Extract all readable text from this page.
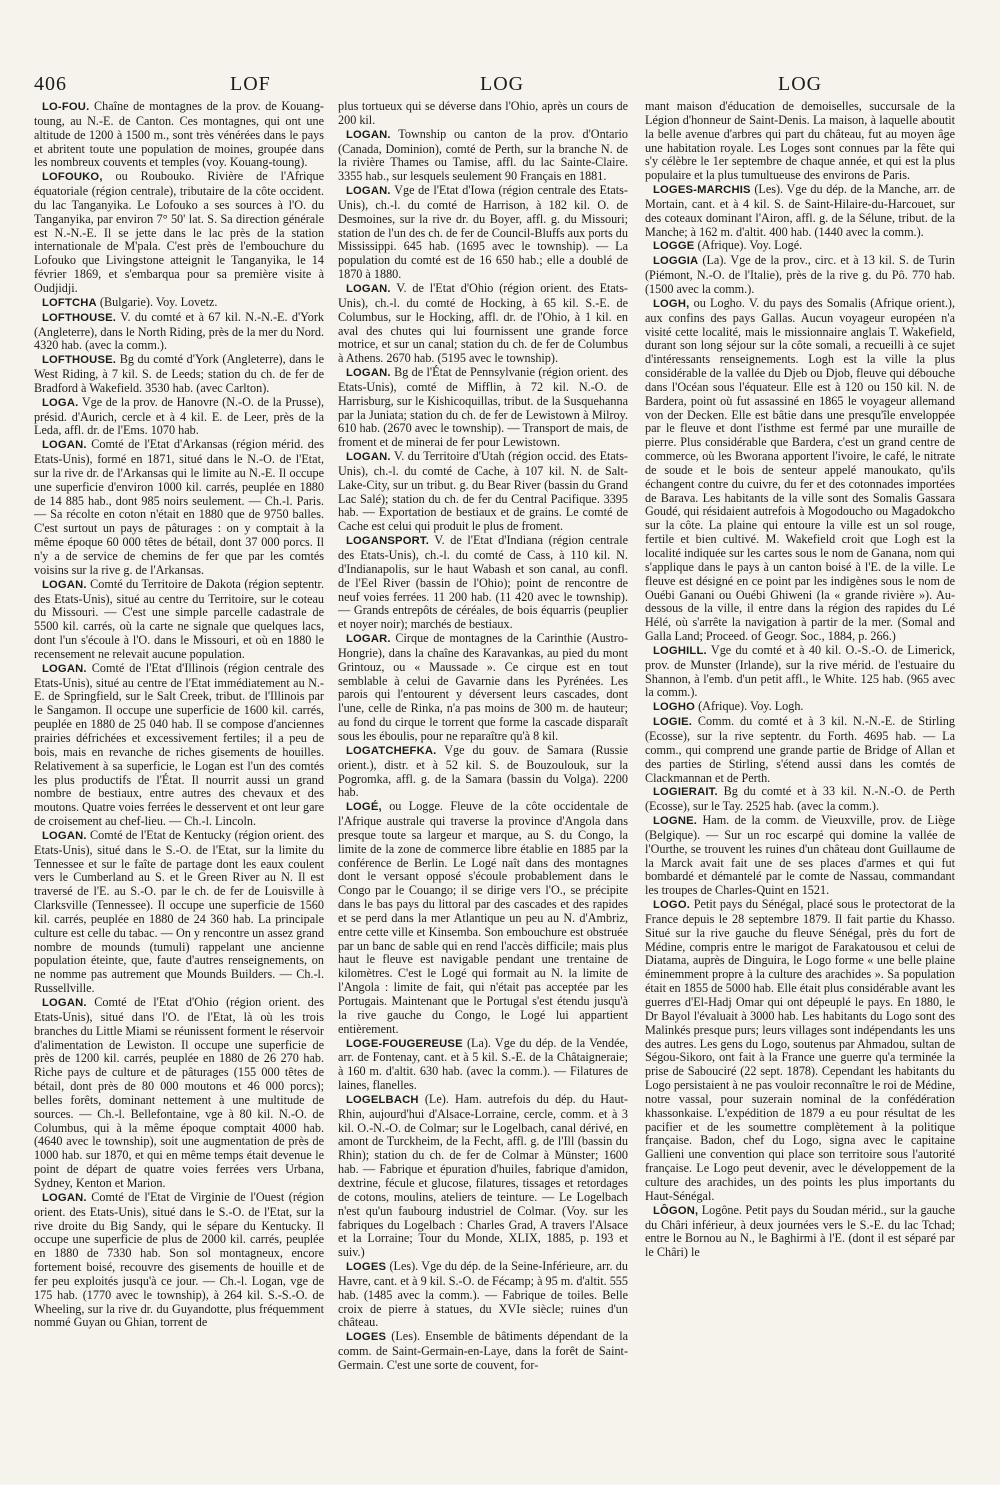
406	LOF	LOG	LOG

LO-FOU. Chaîne de montagnes de la prov. de Kouang-toung, au N.-E. de Canton. Ces montagnes, qui ont une altitude de 1200 à 1500 m., sont très vénérées dans le pays et abritent toute une population de moines, groupée dans les nombreux couvents et temples (voy. Kouang-toung).

LOFOUKO, ou Roubouko. Rivière de l'Afrique équatoriale (région centrale), tributaire de la côte occident. du lac Tanganyika. Le Lofouko a ses sources à l'O. du Tanganyika, par environ 7° 50' lat. S. Sa direction générale est N.-N.-E. Il se jette dans le lac près de la station internationale de M'pala. C'est près de l'embouchure du Lofouko que Livingstone atteignit le Tanganyika, le 14 février 1869, et s'embarqua pour sa première visite à Oudjidji.

LOFTCHA (Bulgarie). Voy. Lovetz.

LOFTHOUSE. V. du comté et à 67 kil. N.-N.-E. d'York (Angleterre), dans le North Riding, près de la mer du Nord. 4320 hab. (avec la comm.).

LOFTHOUSE. Bg du comté d'York (Angleterre), dans le West Riding, à 7 kil. S. de Leeds; station du ch. de fer de Bradford à Wakefield. 3530 hab. (avec Carlton).

LOGA. Vge de la prov. de Hanovre (N.-O. de la Prusse), présid. d'Aurich, cercle et à 4 kil. E. de Leer, près de la Leda, affl. dr. de l'Ems. 1070 hab.

LOGAN. Comté de l'Etat d'Arkansas (région mérid. des Etats-Unis), formé en 1871, situé dans le N.-O. de l'Etat, sur la rive dr. de l'Arkansas qui le limite au N.-E. Il occupe une superficie d'environ 1000 kil. carrés, peuplée en 1880 de 14 885 hab., dont 985 noirs seulement. — Ch.-l. Paris. — Sa récolte en coton n'était en 1880 que de 9750 balles. C'est surtout un pays de pâturages : on y comptait à la même époque 60 000 têtes de bétail, dont 37 000 porcs. Il n'y a de service de chemins de fer que par les comtés voisins sur la rive g. de l'Arkansas.

LOGAN. Comté du Territoire de Dakota (région septentr. des Etats-Unis), situé au centre du Territoire, sur le coteau du Missouri. — C'est une simple parcelle cadastrale de 5500 kil. carrés, où la carte ne signale que quelques lacs, dont l'un s'écoule à l'O. dans le Missouri, et où en 1880 le recensement ne relevait aucune population.

LOGAN. Comté de l'Etat d'Illinois (région centrale des Etats-Unis), situé au centre de l'Etat immédiatement au N.-E. de Springfield, sur le Salt Creek, tribut. de l'Illinois par le Sangamon. Il occupe une superficie de 1600 kil. carrés, peuplée en 1880 de 25 040 hab. Il se compose d'anciennes prairies défrichées et excessivement fertiles; il a peu de bois, mais en revanche de riches gisements de houilles. Relativement à sa superficie, le Logan est l'un des comtés les plus productifs de l'État. Il nourrit aussi un grand nombre de bestiaux, entre autres des chevaux et des moutons. Quatre voies ferrées le desservent et ont leur gare de croisement au chef-lieu. — Ch.-l. Lincoln.

LOGAN. Comté de l'Etat de Kentucky (région orient. des Etats-Unis), situé dans le S.-O. de l'Etat, sur la limite du Tennessee et sur le faîte de partage dont les eaux coulent vers le Cumberland au S. et le Green River au N. Il est traversé de l'E. au S.-O. par le ch. de fer de Louisville à Clarksville (Tennessee). Il occupe une superficie de 1560 kil. carrés, peuplée en 1880 de 24 360 hab. La principale culture est celle du tabac. — On y rencontre un assez grand nombre de mounds (tumuli) rappelant une ancienne population éteinte, que, faute d'autres renseignements, on ne nomme pas autrement que Mounds Builders. — Ch.-l. Russellville.

LOGAN. Comté de l'Etat d'Ohio (région orient. des Etats-Unis), situé dans l'O. de l'Etat, là où les trois branches du Little Miami se réunissent forment le réservoir d'alimentation de Lewiston. Il occupe une superficie de près de 1200 kil. carrés, peuplée en 1880 de 26 270 hab. Riche pays de culture et de pâturages (155 000 têtes de bétail, dont près de 80 000 moutons et 46 000 porcs); belles forêts, dominant nettement à une multitude de sources. — Ch.-l. Bellefontaine, vge à 80 kil. N.-O. de Columbus, qui à la même époque comptait 4000 hab. (4640 avec le township), soit une augmentation de près de 1000 hab. sur 1870, et qui en même temps était devenue le point de départ de quatre voies ferrées vers Urbana, Sydney, Kenton et Marion.

LOGAN. Comté de l'Etat de Virginie de l'Ouest (région orient. des Etats-Unis), situé dans le S.-O. de l'Etat, sur la rive droite du Big Sandy, qui le sépare du Kentucky. Il occupe une superficie de plus de 2000 kil. carrés, peuplée en 1880 de 7330 hab. Son sol montagneux, encore fortement boisé, recouvre des gisements de houille et de fer peu exploités jusqu'à ce jour. — Ch.-l. Logan, vge de 175 hab. (1770 avec le township), à 264 kil. S.-S.-O. de Wheeling, sur la rive dr. du Guyandotte, plus fréquemment nommé Guyan ou Ghian, torrent de

plus tortueux qui se déverse dans l'Ohio, après un cours de 200 kil.

LOGAN. Township ou canton de la prov. d'Ontario (Canada, Dominion), comté de Perth, sur la branche N. de la rivière Thames ou Tamise, affl. du lac Sainte-Claire. 3355 hab., sur lesquels seulement 90 Français en 1881.

LOGAN. Vge de l'Etat d'Iowa (région centrale des Etats-Unis), ch.-l. du comté de Harrison, à 182 kil. O. de Desmoines, sur la rive dr. du Boyer, affl. g. du Missouri; station de l'un des ch. de fer de Council-Bluffs aux ports du Mississippi. 645 hab. (1695 avec le township). — La population du comté est de 16 650 hab.; elle a doublé de 1870 à 1880.

LOGAN. V. de l'Etat d'Ohio (région orient. des Etats-Unis), ch.-l. du comté de Hocking, à 65 kil. S.-E. de Columbus, sur le Hocking, affl. dr. de l'Ohio, à 1 kil. en aval des chutes qui lui fournissent une grande force motrice, et sur un canal; station du ch. de fer de Columbus à Athens. 2670 hab. (5195 avec le township).

LOGAN. Bg de l'État de Pennsylvanie (région orient. des Etats-Unis), comté de Mifflin, à 72 kil. N.-O. de Harrisburg, sur le Kishicoquillas, tribut. de la Susquehanna par la Juniata; station du ch. de fer de Lewistown à Milroy. 610 hab. (2670 avec le township). — Transport de mais, de froment et de minerai de fer pour Lewistown.

LOGAN. V. du Territoire d'Utah (région occid. des Etats-Unis), ch.-l. du comté de Cache, à 107 kil. N. de Salt-Lake-City, sur un tribut. g. du Bear River (bassin du Grand Lac Salé); station du ch. de fer du Central Pacifique. 3395 hab. — Exportation de bestiaux et de grains. Le comté de Cache est celui qui produit le plus de froment.

LOGANSPORT. V. de l'Etat d'Indiana (région centrale des Etats-Unis), ch.-l. du comté de Cass, à 110 kil. N. d'Indianapolis, sur le haut Wabash et son canal, au confl. de l'Eel River (bassin de l'Ohio); point de rencontre de neuf voies ferrées. 11 200 hab. (11 420 avec le township). — Grands entrepôts de céréales, de bois équarris (peuplier et noyer noir); marchés de bestiaux.

LOGAR. Cirque de montagnes de la Carinthie (Austro-Hongrie), dans la chaîne des Karavankas, au pied du mont Grintouz, ou « Maussade ». Ce cirque est en tout semblable à celui de Gavarnie dans les Pyrénées. Les parois qui l'entourent y déversent leurs cascades, dont l'une, celle de Rinka, n'a pas moins de 300 m. de hauteur; au fond du cirque le torrent que forme la cascade disparaît sous les éboulis, pour ne reparaître qu'à 8 kil.

LOGATCHEFKA. Vge du gouv. de Samara (Russie orient.), distr. et à 52 kil. S. de Bouzoulouk, sur la Pogromka, affl. g. de la Samara (bassin du Volga). 2200 hab.

LOGÉ, ou Logge. Fleuve de la côte occidentale de l'Afrique australe qui traverse la province d'Angola dans presque toute sa largeur et marque, au S. du Congo, la limite de la zone de commerce libre établie en 1885 par la conférence de Berlin. Le Logé naît dans des montagnes dont le versant opposé s'écoule probablement dans le Congo par le Couango; il se dirige vers l'O., se précipite dans le bas pays du littoral par des cascades et des rapides et se perd dans la mer Atlantique un peu au N. d'Ambriz, entre cette ville et Kinsemba. Son embouchure est obstruée par un banc de sable qui en rend l'accès difficile; mais plus haut le fleuve est navigable pendant une trentaine de kilomètres. C'est le Logé qui formait au N. la limite de l'Angola : limite de fait, qui n'était pas acceptée par les Portugais. Maintenant que le Portugal s'est étendu jusqu'à la rive gauche du Congo, le Logé lui appartient entièrement.

LOGE-FOUGEREUSE (La). Vge du dép. de la Vendée, arr. de Fontenay, cant. et à 5 kil. S.-E. de la Châtaigneraie; à 160 m. d'altit. 630 hab. (avec la comm.). — Filatures de laines, flanelles.

LOGELBACH (Le). Ham. autrefois du dép. du Haut-Rhin, aujourd'hui d'Alsace-Lorraine, cercle, comm. et à 3 kil. O.-N.-O. de Colmar; sur le Logelbach, canal dérivé, en amont de Turckheim, de la Fecht, affl. g. de l'Ill (bassin du Rhin); station du ch. de fer de Colmar à Münster; 1600 hab. — Fabrique et épuration d'huiles, fabrique d'amidon, dextrine, fécule et glucose, filatures, tissages et retordages de cotons, moulins, ateliers de teinture. — Le Logelbach n'est qu'un faubourg industriel de Colmar. (Voy. sur les fabriques du Logelbach : Charles Grad, A travers l'Alsace et la Lorraine; Tour du Monde, XLIX, 1885, p. 193 et suiv.)

LOGES (Les). Vge du dép. de la Seine-Inférieure, arr. du Havre, cant. et à 9 kil. S.-O. de Fécamp; à 95 m. d'altit. 555 hab. (1485 avec la comm.). — Fabrique de toiles. Belle croix de pierre à statues, du XVIe siècle; ruines d'un château.

LOGES (Les). Ensemble de bâtiments dépendant de la comm. de Saint-Germain-en-Laye, dans la forêt de Saint-Germain. C'est une sorte de couvent, for-

mant maison d'éducation de demoiselles, succursale de la Légion d'honneur de Saint-Denis. La maison, à laquelle aboutit la belle avenue d'arbres qui part du château, fut au moyen âge une habitation royale. Les Loges sont connues par la fête qui s'y célèbre le 1er septembre de chaque année, et qui est la plus populaire et la plus tumultueuse des environs de Paris.

LOGES-MARCHIS (Les). Vge du dép. de la Manche, arr. de Mortain, cant. et à 4 kil. S. de Saint-Hilaire-du-Harcouet, sur des coteaux dominant l'Airon, affl. g. de la Sélune, tribut. de la Manche; à 162 m. d'altit. 400 hab. (1440 avec la comm.).

LOGGE (Afrique). Voy. Logé.

LOGGIA (La). Vge de la prov., circ. et à 13 kil. S. de Turin (Piémont, N.-O. de l'Italie), près de la rive g. du Pô. 770 hab. (1500 avec la comm.).

LOGH, ou Logho. V. du pays des Somalis (Afrique orient.), aux confins des pays Gallas. Aucun voyageur européen n'a visité cette localité, mais le missionnaire anglais T. Wakefield, durant son long séjour sur la côte somali, a recueilli à ce sujet d'intéressants renseignements. Logh est la ville la plus considérable de la vallée du Djeb ou Djob, fleuve qui débouche dans l'Océan sous l'équateur. Elle est à 120 ou 150 kil. N. de Bardera, point où fut assassiné en 1865 le voyageur allemand von der Decken. Elle est bâtie dans une presqu'île enveloppée par le fleuve et dont l'isthme est fermé par une muraille de pierre. Plus considérable que Bardera, c'est un grand centre de commerce, où les Bworana apportent l'ivoire, le café, le nitrate de soude et le bois de senteur appelé manoukato, qu'ils échangent contre du cuivre, du fer et des cotonnades importées de Barava. Les habitants de la ville sont des Somalis Gassara Goudé, qui résidaient autrefois à Mogodoucho ou Magadokcho sur la côte. La plaine qui entoure la ville est un sol rouge, fertile et bien cultivé. M. Wakefield croit que Logh est la localité indiquée sur les cartes sous le nom de Ganana, nom qui s'applique dans le pays à un canton boisé à l'E. de la ville. Le fleuve est désigné en ce point par les indigènes sous le nom de Ouébi Ganani ou Ouébi Ghiweni (la « grande rivière »). Au-dessous de la ville, il entre dans la région des rapides du Lé Hélé, où s'arrête la navigation à partir de la mer. (Somal and Galla Land; Proceed. of Geogr. Soc., 1884, p. 266.)

LOGHILL. Vge du comté et à 40 kil. O.-S.-O. de Limerick, prov. de Munster (Irlande), sur la rive mérid. de l'estuaire du Shannon, à l'emb. d'un petit affl., le White. 125 hab. (965 avec la comm.).

LOGHO (Afrique). Voy. Logh.

LOGIE. Comm. du comté et à 3 kil. N.-N.-E. de Stirling (Ecosse), sur la rive septentr. du Forth. 4695 hab. — La comm., qui comprend une grande partie de Bridge of Allan et des parties de Stirling, s'étend aussi dans les comtés de Clackmannan et de Perth.

LOGIERAIT. Bg du comté et à 33 kil. N.-N.-O. de Perth (Ecosse), sur le Tay. 2525 hab. (avec la comm.).

LOGNE. Ham. de la comm. de Vieuxville, prov. de Liège (Belgique). — Sur un roc escarpé qui domine la vallée de l'Ourthe, se trouvent les ruines d'un château dont Guillaume de la Marck avait fait une de ses places d'armes et qui fut bombardé et démantelé par le comte de Nassau, commandant les troupes de Charles-Quint en 1521.

LOGO. Petit pays du Sénégal, placé sous le protectorat de la France depuis le 28 septembre 1879. Il fait partie du Khasso. Situé sur la rive gauche du fleuve Sénégal, près du fort de Médine, compris entre le marigot de Farakatousou et celui de Diatama, auprès de Dinguira, le Logo forme « une belle plaine éminemment propre à la culture des arachides ». Sa population était en 1855 de 5000 hab. Elle était plus considérable avant les guerres d'El-Hadj Omar qui ont dépeuplé le pays. En 1880, le Dr Bayol l'évaluait à 3000 hab. Les habitants du Logo sont des Malinkés presque purs; leurs villages sont indépendants les uns des autres. Les gens du Logo, soutenus par Ahmadou, sultan de Ségou-Sikoro, ont fait à la France une guerre qu'a terminée la prise de Sabouciré (22 sept. 1878). Cependant les habitants du Logo persistaient à ne pas vouloir reconnaître le roi de Médine, notre vassal, pour suzerain nominal de la confédération khassonkaise. L'expédition de 1879 a eu pour résultat de les pacifier et de les soumettre complètement à la politique française. Badon, chef du Logo, signa avec le capitaine Gallieni une convention qui place son territoire sous l'autorité française. Le Logo peut devenir, avec le développement de la culture des arachides, un des points les plus importants du Haut-Sénégal.

LÔGON, Logône. Petit pays du Soudan mérid., sur la gauche du Châri inférieur, à deux journées vers le S.-E. du lac Tchad; entre le Bornou au N., le Baghirmi à l'E. (dont il est séparé par le Châri) le
